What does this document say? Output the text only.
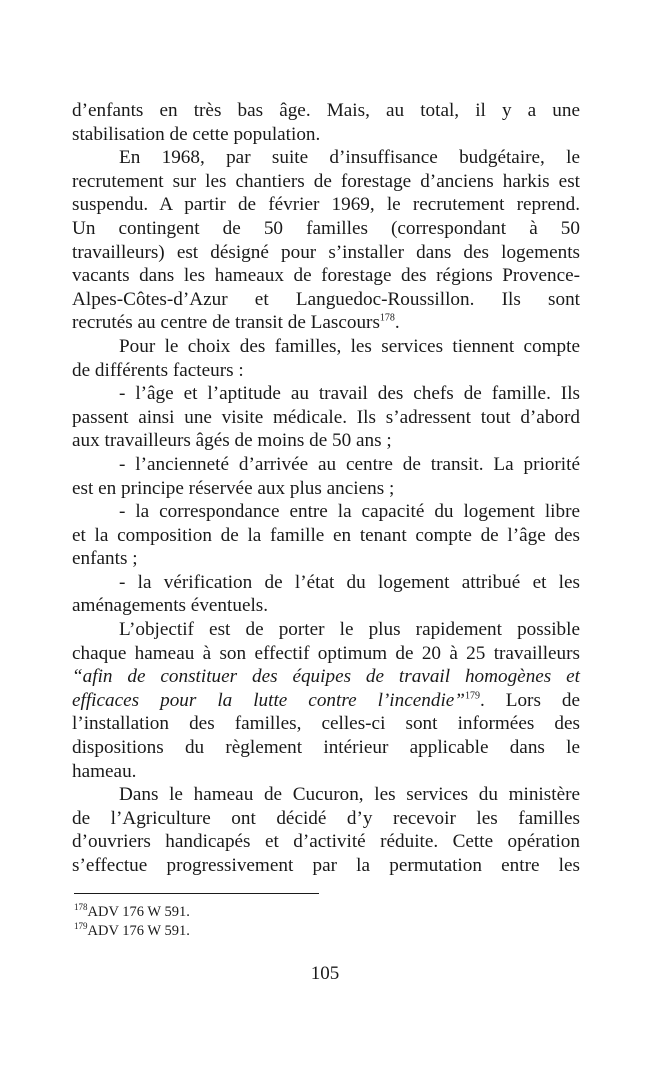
d’enfants en très bas âge. Mais, au total, il y a une
stabilisation de cette population.
En 1968, par suite d’insuffisance budgétaire, le
recrutement sur les chantiers de forestage d’anciens harkis est
suspendu. A partir de février 1969, le recrutement reprend.
Un contingent de 50 familles (correspondant à 50
travailleurs) est désigné pour s’installer dans des logements
vacants dans les hameaux de forestage des régions Provence-
Alpes-Côtes-d’Azur et Languedoc-Roussillon. Ils sont
recrutés au centre de transit de Lascours$^{178}$.
Pour le choix des familles, les services tiennent compte
de différents facteurs :
- l’âge et l’aptitude au travail des chefs de famille. Ils
passent ainsi une visite médicale. Ils s’adressent tout d’abord
aux travailleurs âgés de moins de 50 ans ;
- l’ancienneté d’arrivée au centre de transit. La priorité
est en principe réservée aux plus anciens ;
- la correspondance entre la capacité du logement libre
et la composition de la famille en tenant compte de l’âge des
enfants ;
- la vérification de l’état du logement attribué et les
aménagements éventuels.
L’objectif est de porter le plus rapidement possible
chaque hameau à son effectif optimum de 20 à 25 travailleurs
“afin de constituer des équipes de travail homogènes et
efficaces pour la lutte contre l’incendie”$^{179}$. Lors de
l’installation des familles, celles-ci sont informées des
dispositions du règlement intérieur applicable dans le
hameau.
Dans le hameau de Cucuron, les services du ministère
de l’Agriculture ont décidé d’y recevoir les familles
d’ouvriers handicapés et d’activité réduite. Cette opération
s’effectue progressivement par la permutation entre les
$^{178}$ADV 176 W 591.
$^{179}$ADV 176 W 591.
105
